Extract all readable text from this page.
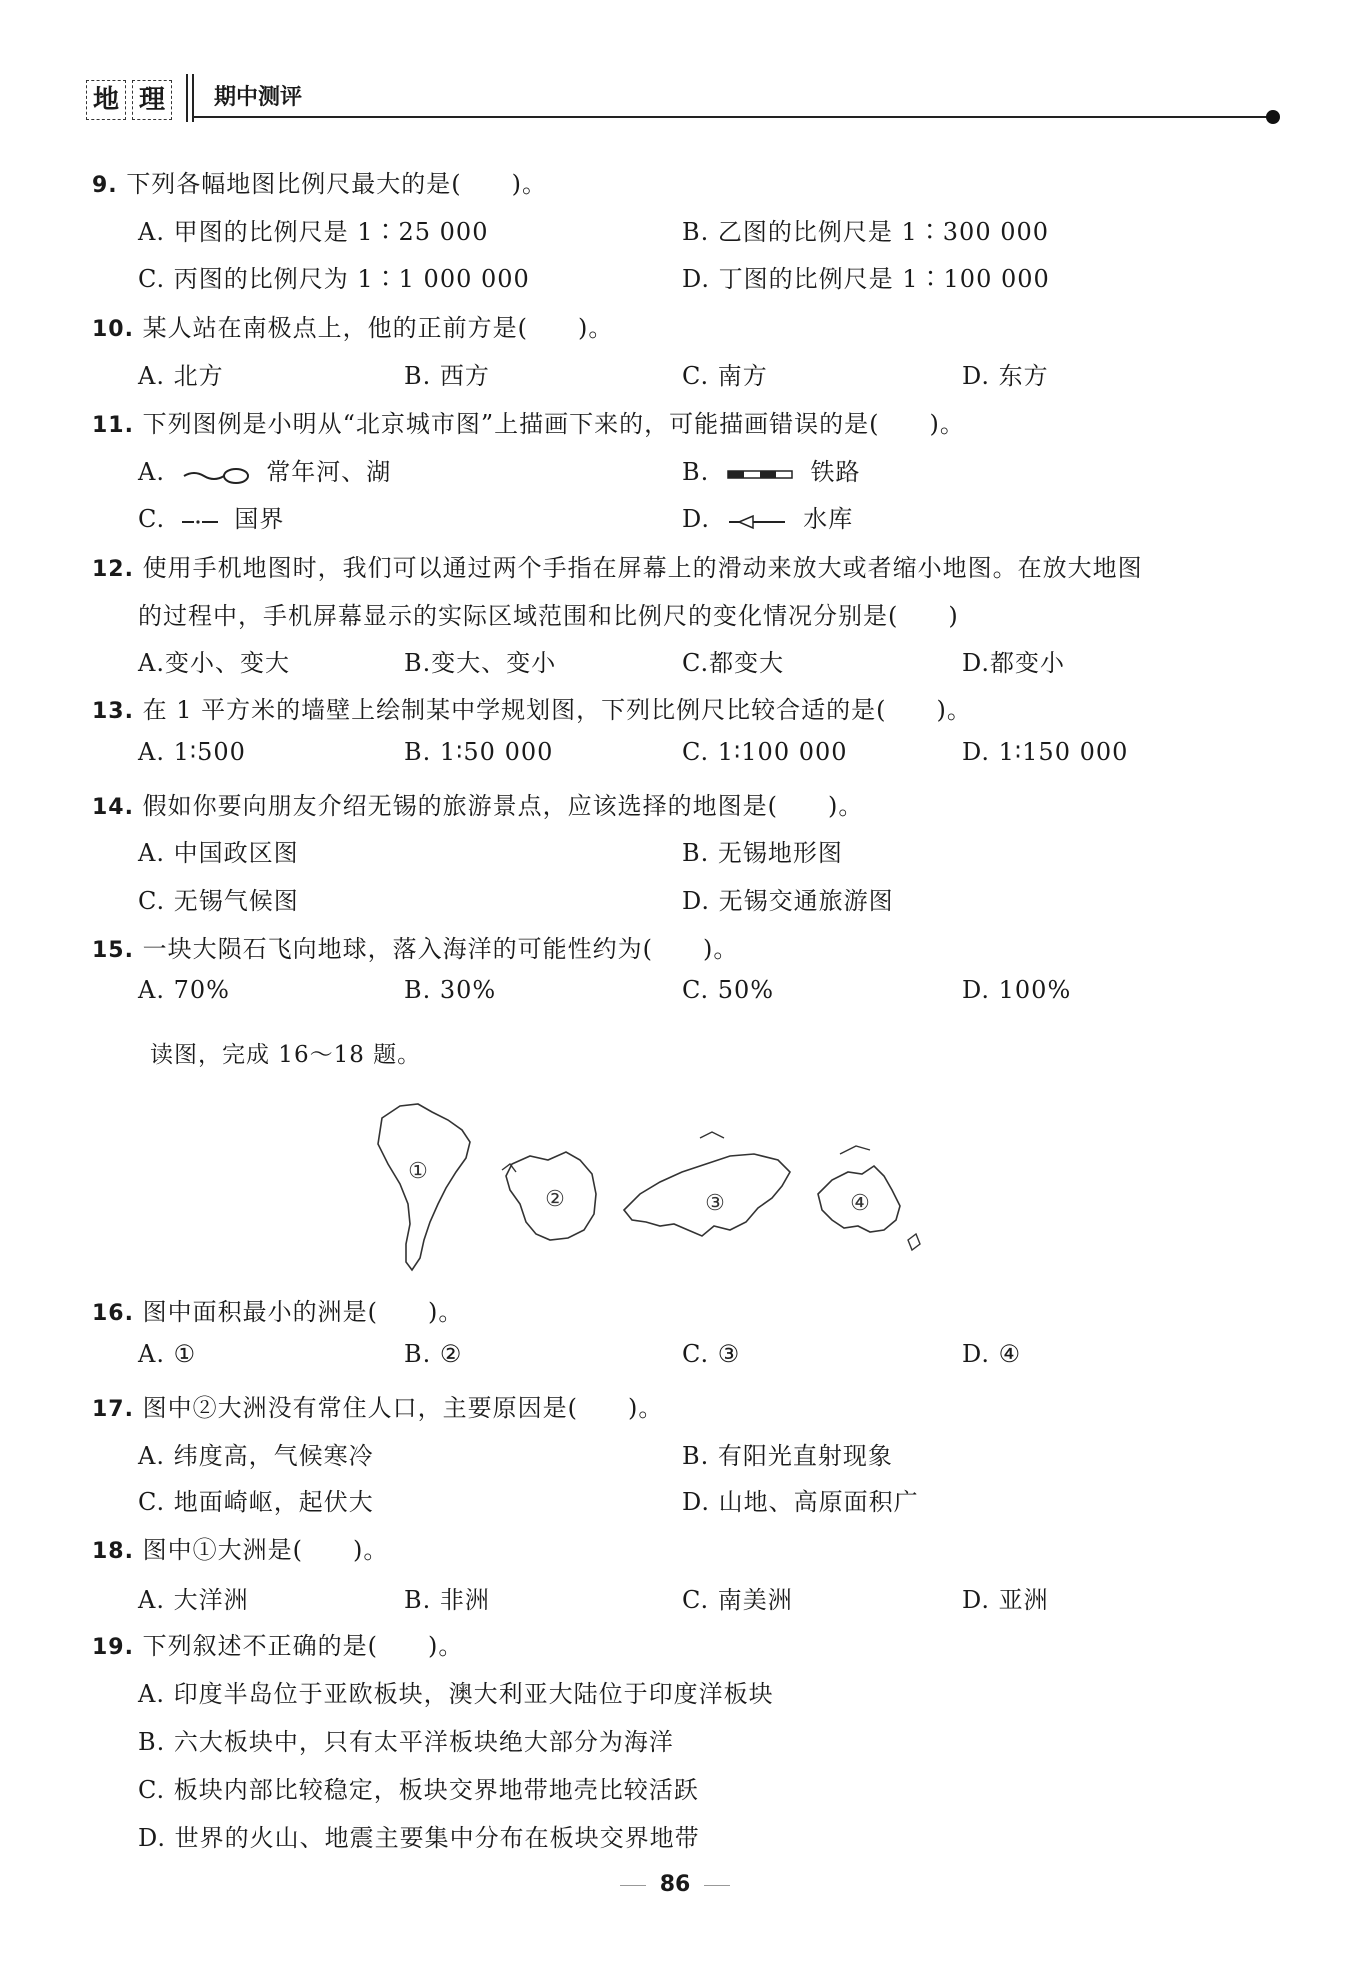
地 理	期中测评
9. 下列各幅地图比例尺最大的是(　　)。
A. 甲图的比例尺是 1∶25 000	B. 乙图的比例尺是 1∶300 000
C. 丙图的比例尺为 1∶1 000 000	D. 丁图的比例尺是 1∶100 000
10. 某人站在南极点上，他的正前方是(　　)。
A. 北方	B. 西方	C. 南方	D. 东方
11. 下列图例是小明从“北京城市图”上描画下来的，可能描画错误的是(　　)。
A.	常年河、湖	B.	铁路
C.	国界	D.	水库
12. 使用手机地图时，我们可以通过两个手指在屏幕上的滑动来放大或者缩小地图。在放大地图
的过程中，手机屏幕显示的实际区域范围和比例尺的变化情况分别是(　　)
A.变小、变大	B.变大、变小	C.都变大	D.都变小
13. 在 1 平方米的墙壁上绘制某中学规划图，下列比例尺比较合适的是(　　)。
A. 1∶500	B. 1∶50 000	C. 1∶100 000	D. 1∶150 000
14. 假如你要向朋友介绍无锡的旅游景点，应该选择的地图是(　　)。
A. 中国政区图	B. 无锡地形图
C. 无锡气候图	D. 无锡交通旅游图
15. 一块大陨石飞向地球，落入海洋的可能性约为(　　)。
A. 70%	B. 30%	C. 50%	D. 100%
读图，完成 16～18 题。
①
②	③	④
16. 图中面积最小的洲是(　　)。
A. ①	B. ②	C. ③	D. ④
17. 图中②大洲没有常住人口，主要原因是(　　)。
A. 纬度高，气候寒冷	B. 有阳光直射现象
C. 地面崎岖，起伏大	D. 山地、高原面积广
18. 图中①大洲是(　　)。
A. 大洋洲	B. 非洲	C. 南美洲	D. 亚洲
19. 下列叙述不正确的是(　　)。
A. 印度半岛位于亚欧板块，澳大利亚大陆位于印度洋板块
B. 六大板块中，只有太平洋板块绝大部分为海洋
C. 板块内部比较稳定，板块交界地带地壳比较活跃
D. 世界的火山、地震主要集中分布在板块交界地带
86
